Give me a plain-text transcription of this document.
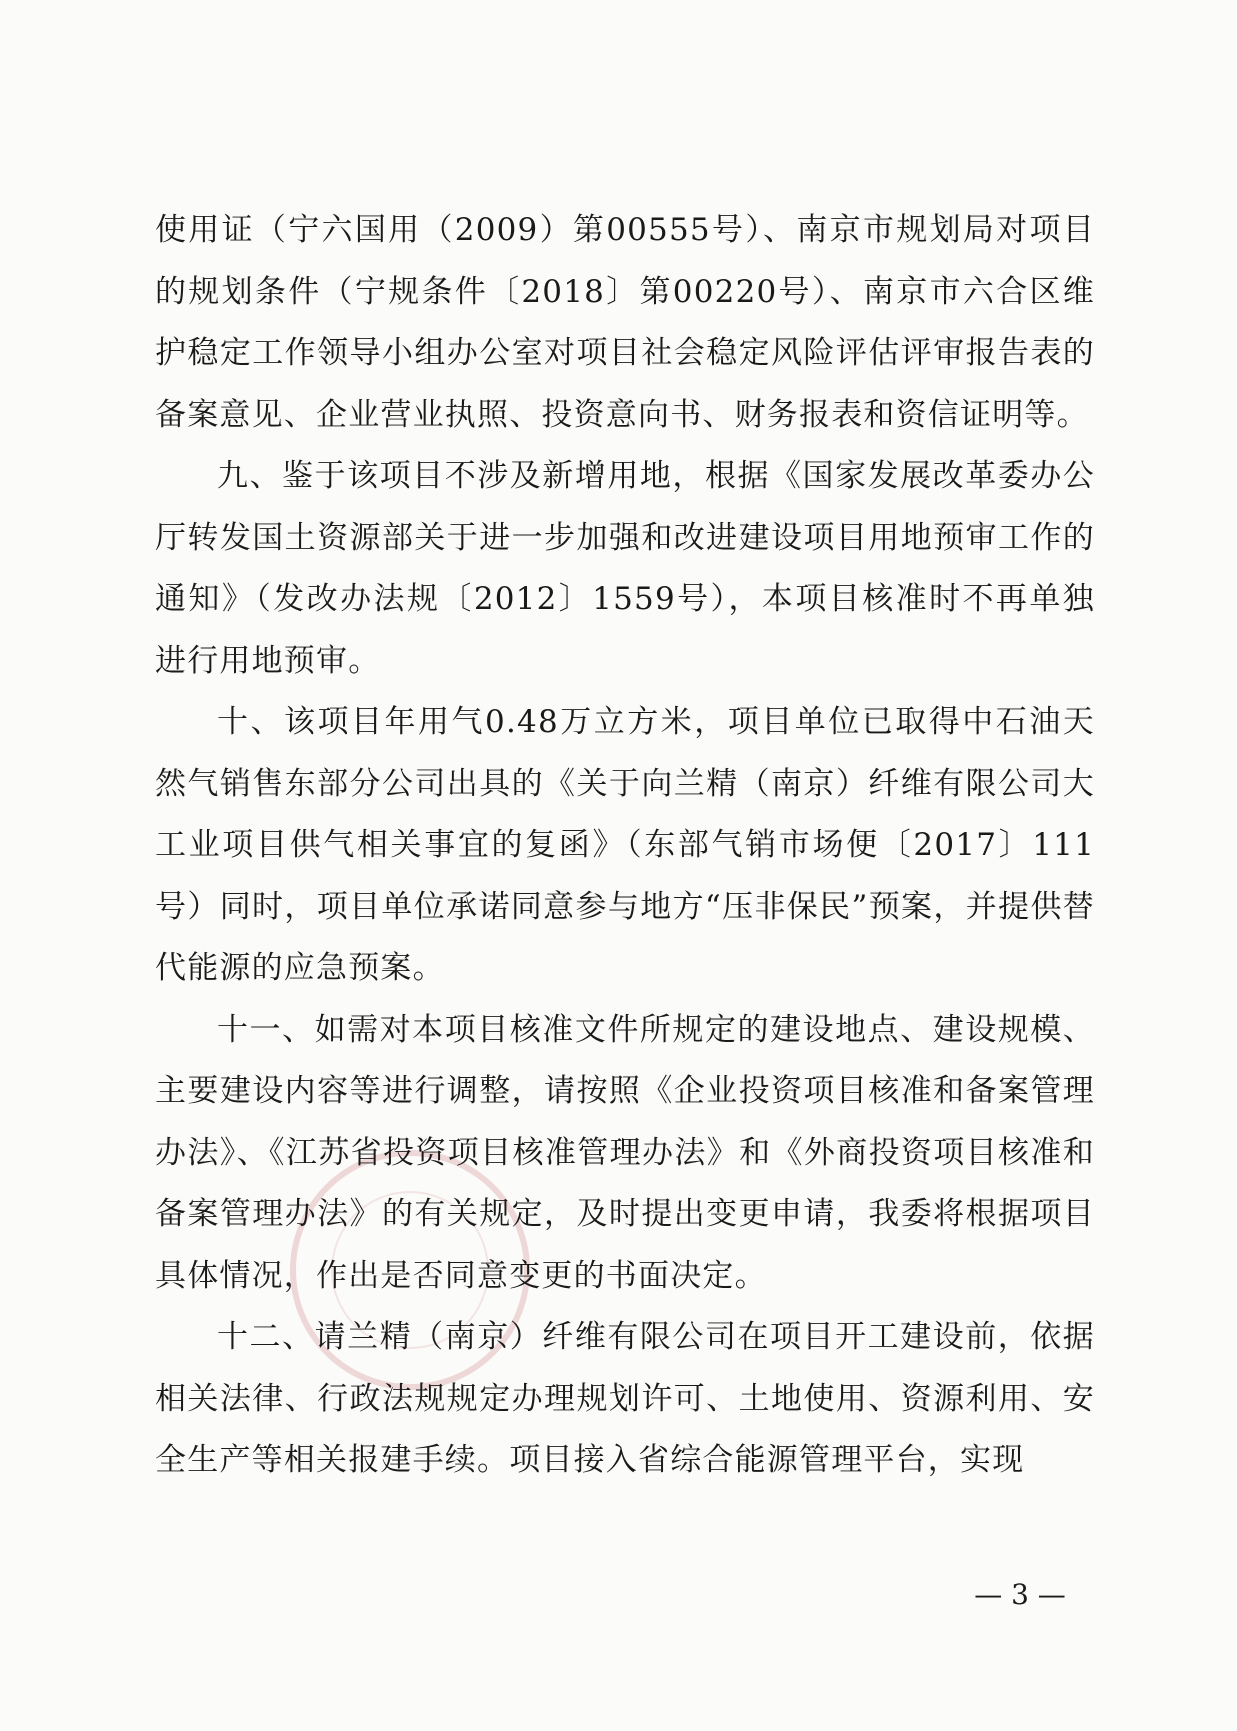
使用证（宁六国用（2009）第00555号）、南京市规划局对项目的规划条件（宁规条件〔2018〕第00220号）、南京市六合区维护稳定工作领导小组办公室对项目社会稳定风险评估评审报告表的备案意见、企业营业执照、投资意向书、财务报表和资信证明等。

九、鉴于该项目不涉及新增用地，根据《国家发展改革委办公厅转发国土资源部关于进一步加强和改进建设项目用地预审工作的通知》（发改办法规〔2012〕1559号），本项目核准时不再单独进行用地预审。

十、该项目年用气0.48万立方米，项目单位已取得中石油天然气销售东部分公司出具的《关于向兰精（南京）纤维有限公司大工业项目供气相关事宜的复函》（东部气销市场便〔2017〕111号）同时，项目单位承诺同意参与地方“压非保民”预案，并提供替代能源的应急预案。

十一、如需对本项目核准文件所规定的建设地点、建设规模、主要建设内容等进行调整，请按照《企业投资项目核准和备案管理办法》、《江苏省投资项目核准管理办法》和《外商投资项目核准和备案管理办法》的有关规定，及时提出变更申请，我委将根据项目具体情况，作出是否同意变更的书面决定。

十二、请兰精（南京）纤维有限公司在项目开工建设前，依据相关法律、行政法规规定办理规划许可、土地使用、资源利用、安全生产等相关报建手续。项目接入省综合能源管理平台，实现

— 3 —
